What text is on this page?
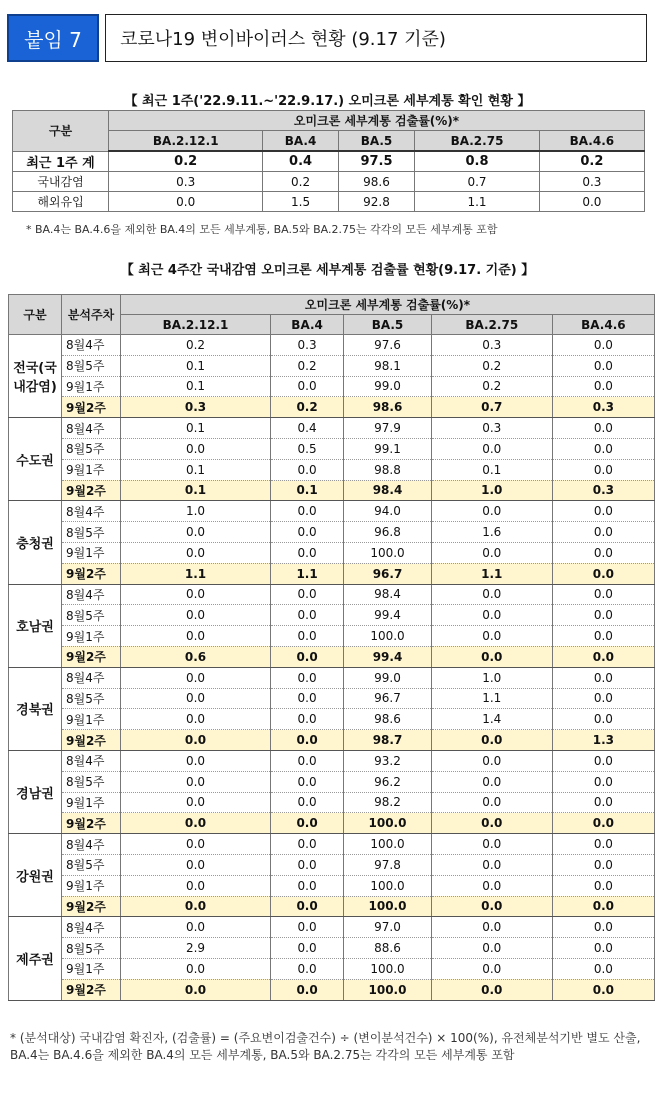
붙임 7	코로나19 변이바이러스 현황 (9.17 기준)
【 최근 1주('22.9.11.~'22.9.17.) 오미크론 세부계통 확인 현황 】
구분	오미크론 세부계통 검출률(%)*				
	BA.2.12.1	BA.4	BA.5	BA.2.75	BA.4.6
최근 1주 계	0.2	0.4	97.5	0.8	0.2
국내감염	0.3	0.2	98.6	0.7	0.3
해외유입	0.0	1.5	92.8	1.1	0.0
* BA.4는 BA.4.6을 제외한 BA.4의 모든 세부계통, BA.5와 BA.2.75는 각각의 모든 세부계통 포함
【 최근 4주간 국내감염 오미크론 세부계통 검출률 현황(9.17. 기준) 】
구분	분석주차	오미크론 세부계통 검출률(%)*				
		BA.2.12.1	BA.4	BA.5	BA.2.75	BA.4.6
전국(국내감염)	8월4주	0.2	0.3	97.6	0.3	0.0
	8월5주	0.1	0.2	98.1	0.2	0.0
	9월1주	0.1	0.0	99.0	0.2	0.0
	9월2주	0.3	0.2	98.6	0.7	0.3
수도권	8월4주	0.1	0.4	97.9	0.3	0.0
	8월5주	0.0	0.5	99.1	0.0	0.0
	9월1주	0.1	0.0	98.8	0.1	0.0
	9월2주	0.1	0.1	98.4	1.0	0.3
충청권	8월4주	1.0	0.0	94.0	0.0	0.0
	8월5주	0.0	0.0	96.8	1.6	0.0
	9월1주	0.0	0.0	100.0	0.0	0.0
	9월2주	1.1	1.1	96.7	1.1	0.0
호남권	8월4주	0.0	0.0	98.4	0.0	0.0
	8월5주	0.0	0.0	99.4	0.0	0.0
	9월1주	0.0	0.0	100.0	0.0	0.0
	9월2주	0.6	0.0	99.4	0.0	0.0
경북권	8월4주	0.0	0.0	99.0	1.0	0.0
	8월5주	0.0	0.0	96.7	1.1	0.0
	9월1주	0.0	0.0	98.6	1.4	0.0
	9월2주	0.0	0.0	98.7	0.0	1.3
경남권	8월4주	0.0	0.0	93.2	0.0	0.0
	8월5주	0.0	0.0	96.2	0.0	0.0
	9월1주	0.0	0.0	98.2	0.0	0.0
	9월2주	0.0	0.0	100.0	0.0	0.0
강원권	8월4주	0.0	0.0	100.0	0.0	0.0
	8월5주	0.0	0.0	97.8	0.0	0.0
	9월1주	0.0	0.0	100.0	0.0	0.0
	9월2주	0.0	0.0	100.0	0.0	0.0
제주권	8월4주	0.0	0.0	97.0	0.0	0.0
	8월5주	2.9	0.0	88.6	0.0	0.0
	9월1주	0.0	0.0	100.0	0.0	0.0
	9월2주	0.0	0.0	100.0	0.0	0.0
* (분석대상) 국내감염 확진자, (검출률) = (주요변이검출건수) ÷ (변이분석건수) × 100(%), 유전체분석기반 별도 산출, BA.4는 BA.4.6을 제외한 BA.4의 모든 세부계통, BA.5와 BA.2.75는 각각의 모든 세부계통 포함
